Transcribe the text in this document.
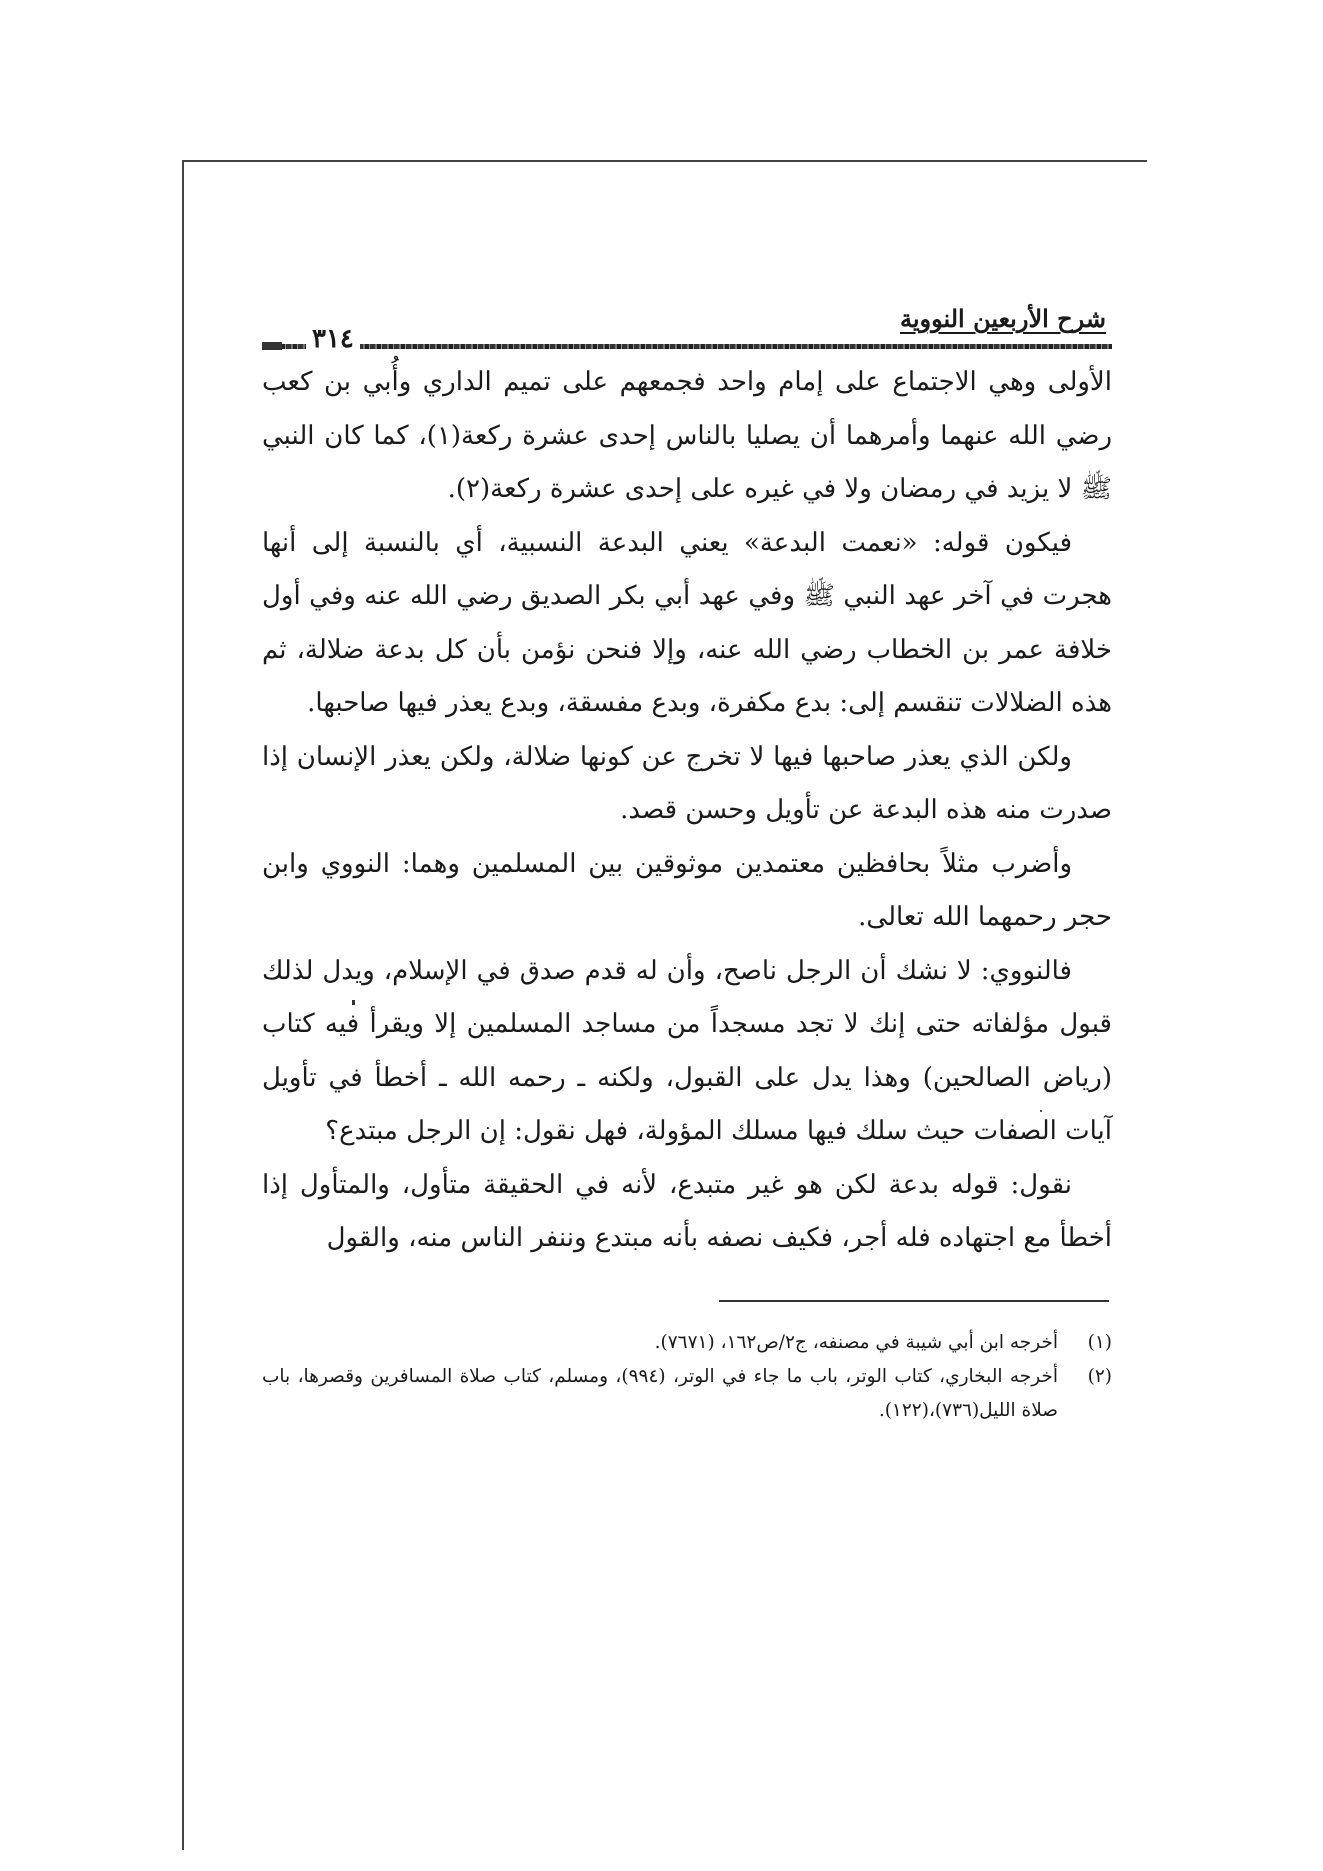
شرح الأربعين النووية
٣١٤

الأولى وهي الاجتماع على إمام واحد فجمعهم على تميم الداري وأُبي بن كعب رضي الله عنهما وأمرهما أن يصليا بالناس إحدى عشرة ركعة(١)، كما كان النبي ﷺ لا يزيد في رمضان ولا في غيره على إحدى عشرة ركعة(٢).

فيكون قوله: «نعمت البدعة» يعني البدعة النسبية، أي بالنسبة إلى أنها هجرت في آخر عهد النبي ﷺ وفي عهد أبي بكر الصديق رضي الله عنه وفي أول خلافة عمر بن الخطاب رضي الله عنه، وإلا فنحن نؤمن بأن كل بدعة ضلالة، ثم هذه الضلالات تنقسم إلى: بدع مكفرة، وبدع مفسقة، وبدع يعذر فيها صاحبها.

ولكن الذي يعذر صاحبها فيها لا تخرج عن كونها ضلالة، ولكن يعذر الإنسان إذا صدرت منه هذه البدعة عن تأويل وحسن قصد.

وأضرب مثلاً بحافظين معتمدين موثوقين بين المسلمين وهما: النووي وابن حجر رحمهما الله تعالى.

فالنووي: لا نشك أن الرجل ناصح، وأن له قدم صدق في الإسلام، ويدل لذلك قبول مؤلفاته حتى إنك لا تجد مسجداً من مساجد المسلمين إلا ويقرأ فيه كتاب (رياض الصالحين) وهذا يدل على القبول، ولكنه ـ رحمه الله ـ أخطأ في تأويل آيات الصفات حيث سلك فيها مسلك المؤولة، فهل نقول: إن الرجل مبتدع؟

نقول: قوله بدعة لكن هو غير متبدع، لأنه في الحقيقة متأول، والمتأول إذا أخطأ مع اجتهاده فله أجر، فكيف نصفه بأنه مبتدع وننفر الناس منه، والقول

(١)
أخرجه ابن أبي شيبة في مصنفه، ج٢/ص١٦٢، (٧٦٧١).
(٢)
أخرجه البخاري، كتاب الوتر، باب ما جاء في الوتر، (٩٩٤)، ومسلم، كتاب صلاة المسافرين وقصرها، باب صلاة الليل(٧٣٦)،(١٢٢).
